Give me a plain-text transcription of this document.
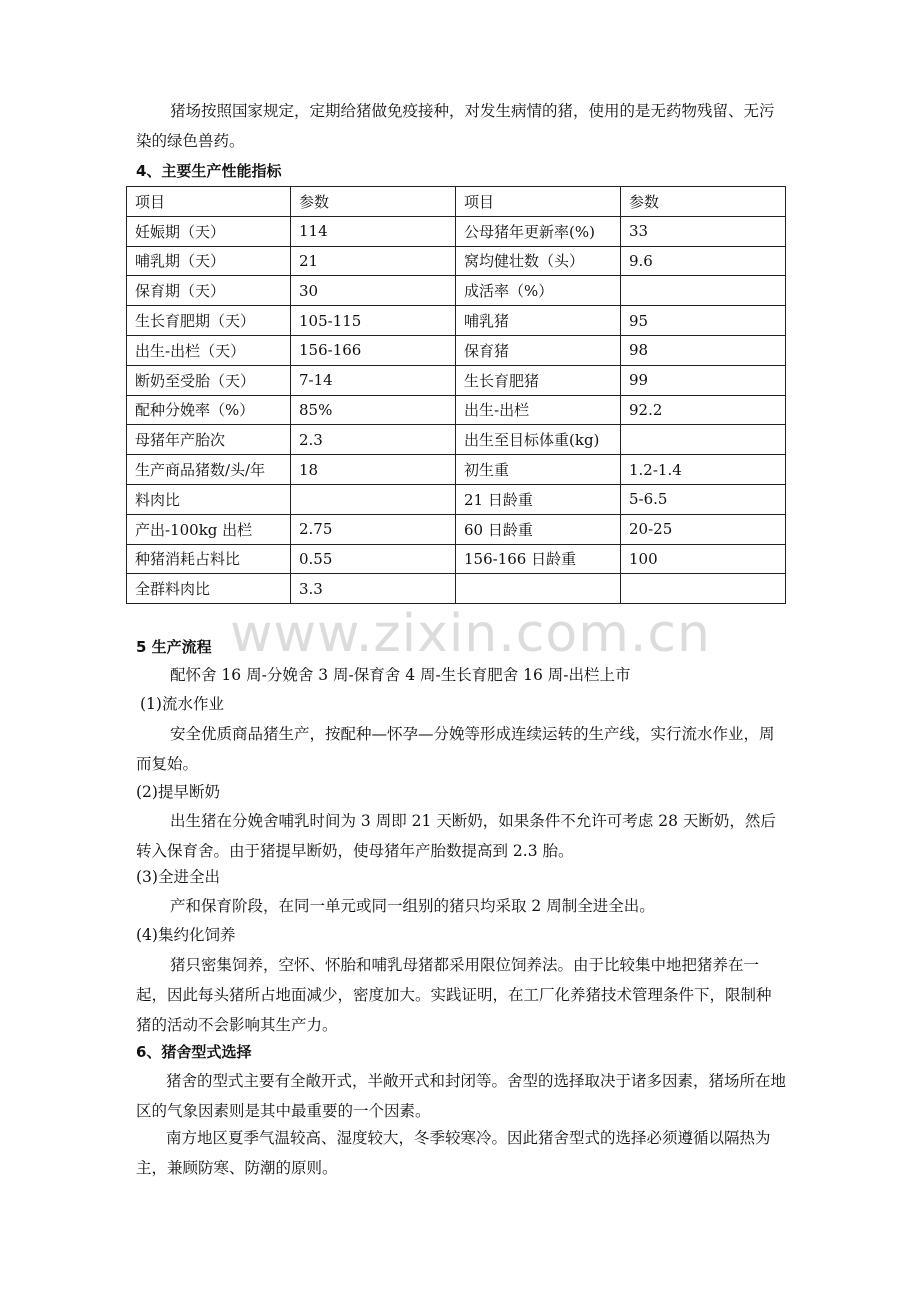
猪场按照国家规定，定期给猪做免疫接种，对发生病情的猪，使用的是无药物残留、无污染的绿色兽药。

4、主要生产性能指标

项目	参数	项目	参数
妊娠期（天）	114	公母猪年更新率(%)	33
哺乳期（天）	21	窝均健壮数（头）	9.6
保育期（天）	30	成活率（%）	
生长育肥期（天）	105-115	哺乳猪	95
出生-出栏（天）	156-166	保育猪	98
断奶至受胎（天）	7-14	生长育肥猪	99
配种分娩率（%）	85%	出生-出栏	92.2
母猪年产胎次	2.3	出生至目标体重(kg)	
生产商品猪数/头/年	18	初生重	1.2-1.4
料肉比		21 日龄重	5-6.5
产出-100kg 出栏	2.75	60 日龄重	20-25
种猪消耗占料比	0.55	156-166 日龄重	100
全群料肉比	3.3		
www.zixin.com.cn

5 生产流程

配怀舍 16 周-分娩舍 3 周-保育舍 4 周-生长育肥舍 16 周-出栏上市

(1)流水作业

安全优质商品猪生产，按配种—怀孕—分娩等形成连续运转的生产线，实行流水作业，周而复始。

(2)提早断奶

出生猪在分娩舍哺乳时间为 3 周即 21 天断奶，如果条件不允许可考虑 28 天断奶，然后转入保育舍。由于猪提早断奶，使母猪年产胎数提高到 2.3 胎。

(3)全进全出

产和保育阶段，在同一单元或同一组别的猪只均采取 2 周制全进全出。

(4)集约化饲养

猪只密集饲养，空怀、怀胎和哺乳母猪都采用限位饲养法。由于比较集中地把猪养在一起，因此每头猪所占地面减少，密度加大。实践证明，在工厂化养猪技术管理条件下，限制种猪的活动不会影响其生产力。

6、猪舍型式选择

猪舍的型式主要有全敞开式，半敞开式和封闭等。舍型的选择取决于诸多因素，猪场所在地区的气象因素则是其中最重要的一个因素。

南方地区夏季气温较高、湿度较大，冬季较寒冷。因此猪舍型式的选择必须遵循以隔热为主，兼顾防寒、防潮的原则。
